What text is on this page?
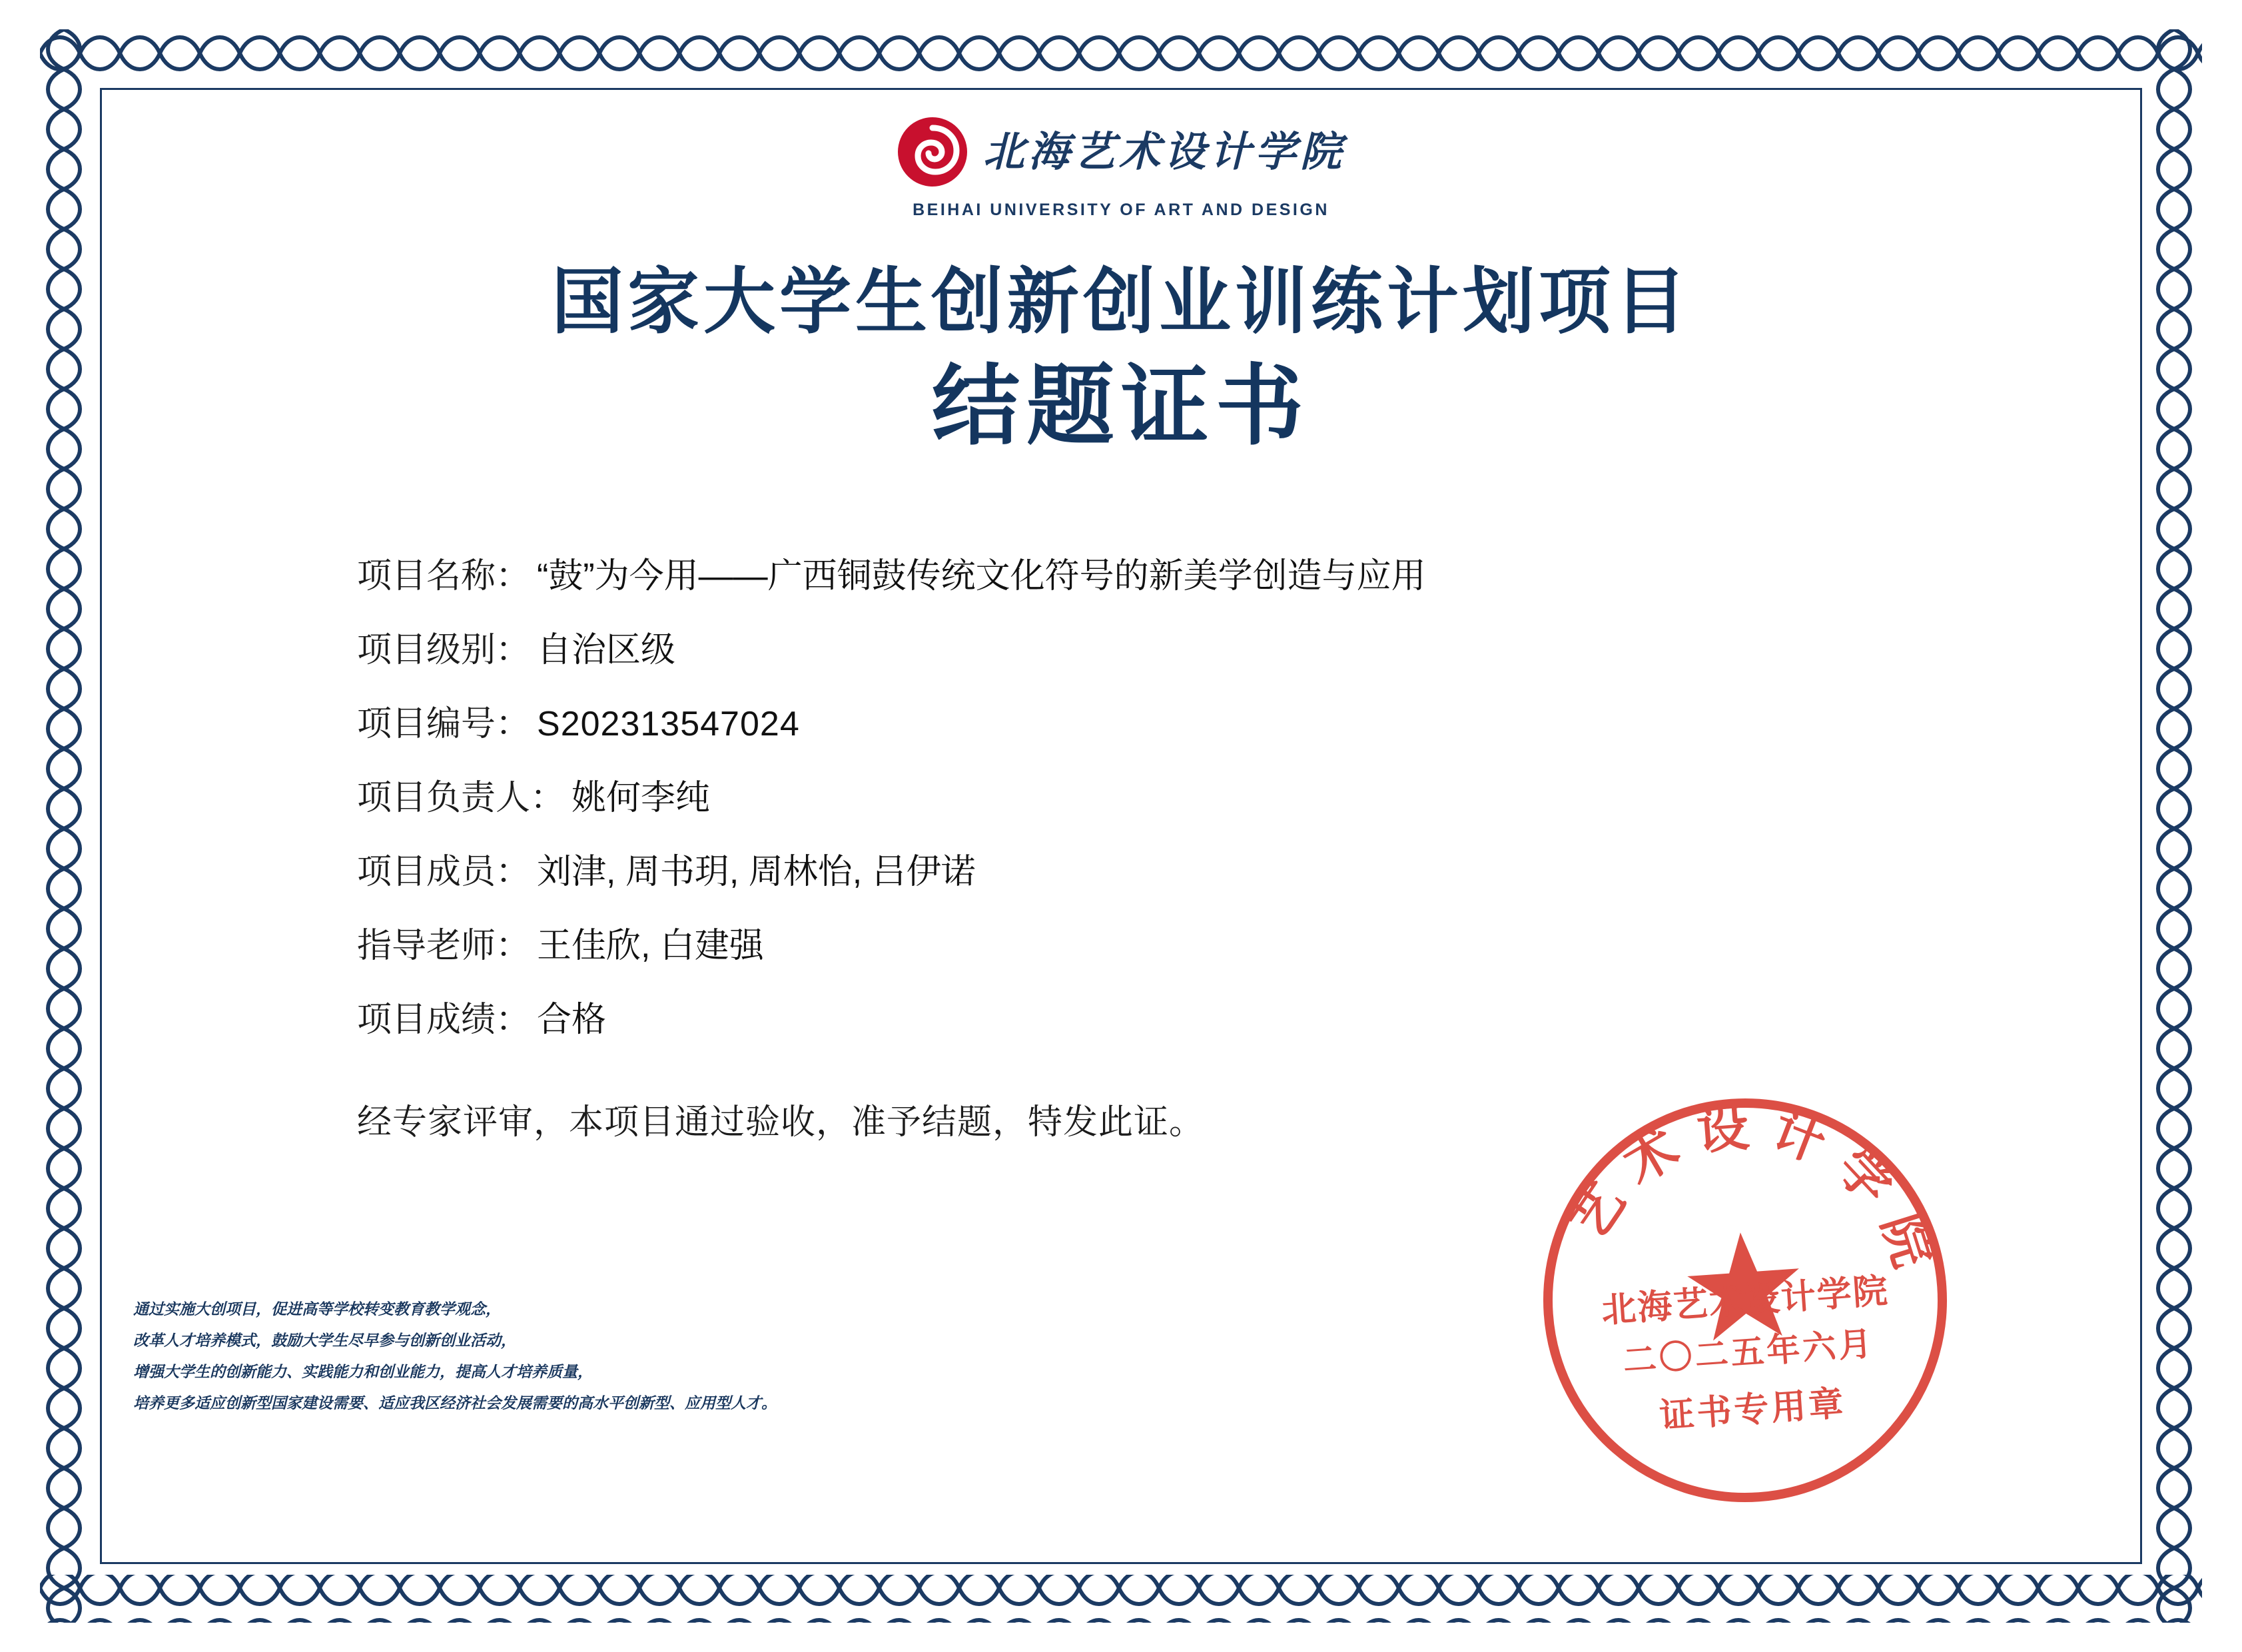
北海艺术设计学院
BEIHAI UNIVERSITY OF ART AND DESIGN
国家大学生创新创业训练计划项目
结题证书
项目名称： “鼓”为今用——广西铜鼓传统文化符号的新美学创造与应用
项目级别： 自治区级
项目编号： S202313547024
项目负责人： 姚何李纯
项目成员： 刘津, 周书玥, 周林怡, 吕伊诺
指导老师： 王佳欣, 白建强
项目成绩： 合格
经专家评审，本项目通过验收，准予结题，特发此证。
通过实施大创项目，促进高等学校转变教育教学观念，
改革人才培养模式，鼓励大学生尽早参与创新创业活动，
增强大学生的创新能力、实践能力和创业能力，提高人才培养质量，
培养更多适应创新型国家建设需要、适应我区经济社会发展需要的高水平创新型、应用型人才。
艺术设计学院
北海艺术设计学院
二〇二五年六月
证书专用章
